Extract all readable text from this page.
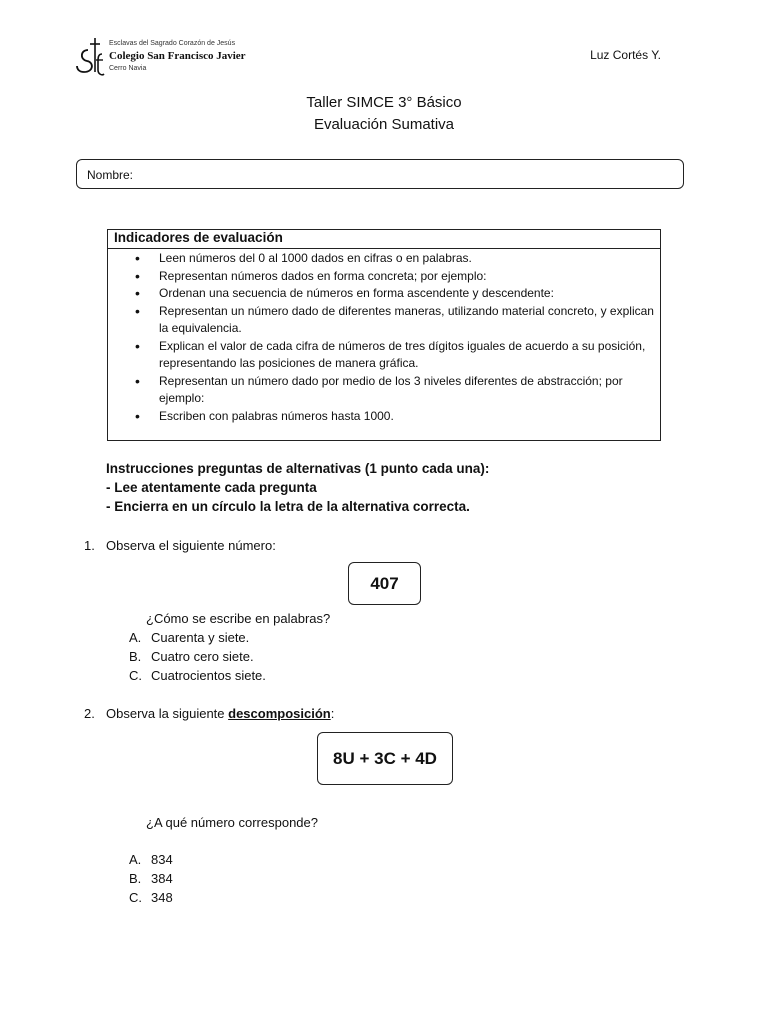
Esclavas del Sagrado Corazón de Jesús
Colegio San Francisco Javier
Cerro Navia
Luz Cortés Y.
Taller SIMCE 3° Básico
Evaluación Sumativa
Nombre:
Indicadores de evaluación
• Leen números del 0 al 1000 dados en cifras o en palabras.
• Representan números dados en forma concreta; por ejemplo:
• Ordenan una secuencia de números en forma ascendente y descendente:
• Representan un número dado de diferentes maneras, utilizando material concreto, y explican la equivalencia.
• Explican el valor de cada cifra de números de tres dígitos iguales de acuerdo a su posición, representando las posiciones de manera gráfica.
• Representan un número dado por medio de los 3 niveles diferentes de abstracción; por ejemplo:
• Escriben con palabras números hasta 1000.
Instrucciones preguntas de alternativas (1 punto cada una):
- Lee atentamente cada pregunta
- Encierra en un círculo la letra de la alternativa correcta.
1. Observa el siguiente número:
407
¿Cómo se escribe en palabras?
A. Cuarenta y siete.
B. Cuatro cero siete.
C. Cuatrocientos siete.
2. Observa la siguiente descomposición:
8U + 3C + 4D
¿A qué número corresponde?
A. 834
B. 384
C. 348
